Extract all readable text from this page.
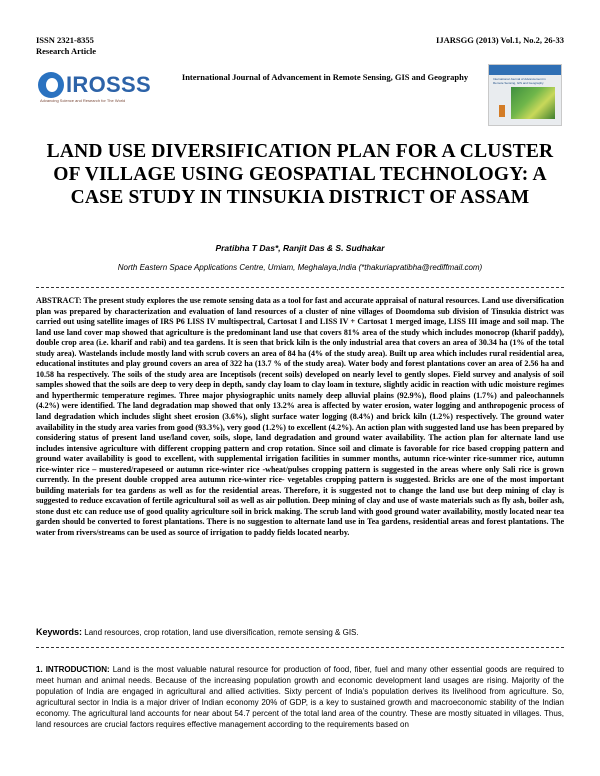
ISSN 2321-8355
Research Article
IJARSGG (2013) Vol.1, No.2, 26-33
IROSSS
Advancing Science and Research for The World
International Journal of Advancement in Remote Sensing, GIS and Geography	International Journal of Advancement in Remote Sensing, GIS and Geography
LAND USE DIVERSIFICATION PLAN FOR A CLUSTER OF VILLAGE USING GEOSPATIAL TECHNOLOGY: A CASE STUDY IN TINSUKIA DISTRICT OF ASSAM
Pratibha T Das*, Ranjit Das & S. Sudhakar
North Eastern Space Applications Centre, Umiam, Meghalaya,India (*thakuriapratibha@rediffmail.com)
ABSTRACT: The present study explores the use remote sensing data as a tool for fast and accurate appraisal of natural resources. Land use diversification plan was prepared by characterization and evaluation of land resources of a cluster of nine villages of Doomdoma sub division of Tinsukia district was carried out using satellite images of IRS P6 LISS IV multispectral, Cartosat I and LISS IV + Cartosat 1 merged image, LISS III image and soil map. The land use land cover map showed that agriculture is the predominant land use that covers 81% area of the study which includes monocrop (kharif paddy), double crop area (i.e. kharif and rabi) and tea gardens. It is seen that brick kiln is the only industrial area that covers an area of 30.34 ha (1% of the total study area). Wastelands include mostly land with scrub covers an area of 84 ha (4% of the study area). Built up area which includes rural residential area, educational institutes and play ground covers an area of 322 ha (13.7 % of the study area). Water body and forest plantations cover an area of 2.56 ha and 10.58 ha respectively. The soils of the study area are Inceptisols (recent soils) developed on nearly level to gently slopes. Field survey and analysis of soil samples showed that the soils are deep to very deep in depth, sandy clay loam to clay loam in texture, slightly acidic in reaction with udic moisture regimes and hyperthermic temperature regimes. Three major physiographic units namely deep alluvial plains (92.9%), flood plains (1.7%) and paleochannels (4.2%) were identified. The land degradation map showed that only 13.2% area is affected by water erosion, water logging and anthropogenic process of land degradation which includes slight sheet erosion (3.6%), slight surface water logging (8.4%) and brick kiln (1.2%) respectively. The ground water availability in the study area varies from good (93.3%), very good (1.2%) to excellent (4.2%). An action plan with suggested land use has been prepared by considering status of present land use/land cover, soils, slope, land degradation and ground water availability. The action plan for alternate land use includes intensive agriculture with different cropping pattern and crop rotation. Since soil and climate is favorable for rice based cropping pattern and ground water availability is good to excellent, with supplemental irrigation facilities in summer months, autumn rice-winter rice-summer rice, autumn rice-winter rice – mustered/rapeseed or autumn rice-winter rice -wheat/pulses cropping pattern is suggested in the areas where only Sali rice is grown currently. In the present double cropped area autumn rice-winter rice- vegetables cropping pattern is suggested. Bricks are one of the most important building materials for tea gardens as well as for the residential areas. Therefore, it is suggested not to change the land use but deep mining of clay is suggested to reduce excavation of fertile agricultural soil as well as air pollution. Deep mining of clay and use of waste materials such as fly ash, boiler ash, stone dust etc can reduce use of good quality agriculture soil in brick making. The scrub land with good ground water availability, mostly located near tea garden should be converted to forest plantations. There is no suggestion to alternate land use in Tea gardens, residential areas and forest plantations. The water from rivers/streams can be used as source of irrigation to paddy fields located nearby.
Keywords: Land resources, crop rotation, land use diversification, remote sensing & GIS.
1. INTRODUCTION: Land is the most valuable natural resource for production of food, fiber, fuel and many other essential goods are required to meet human and animal needs. Because of the increasing population growth and economic development land usages are rising. Majority of the population of India are engaged in agricultural and allied activities. Sixty percent of India’s population derives its livelihood from agriculture. So, agricultural sector in India is a major driver of Indian economy 20% of GDP, is a key to sustained growth and macroeconomic stability of the Indian economy. The agricultural land accounts for near about 54.7 percent of the total land area of the country. These are mostly situated in villages. Thus, land resources are crucial factors requires effective management according to the requirements based on
